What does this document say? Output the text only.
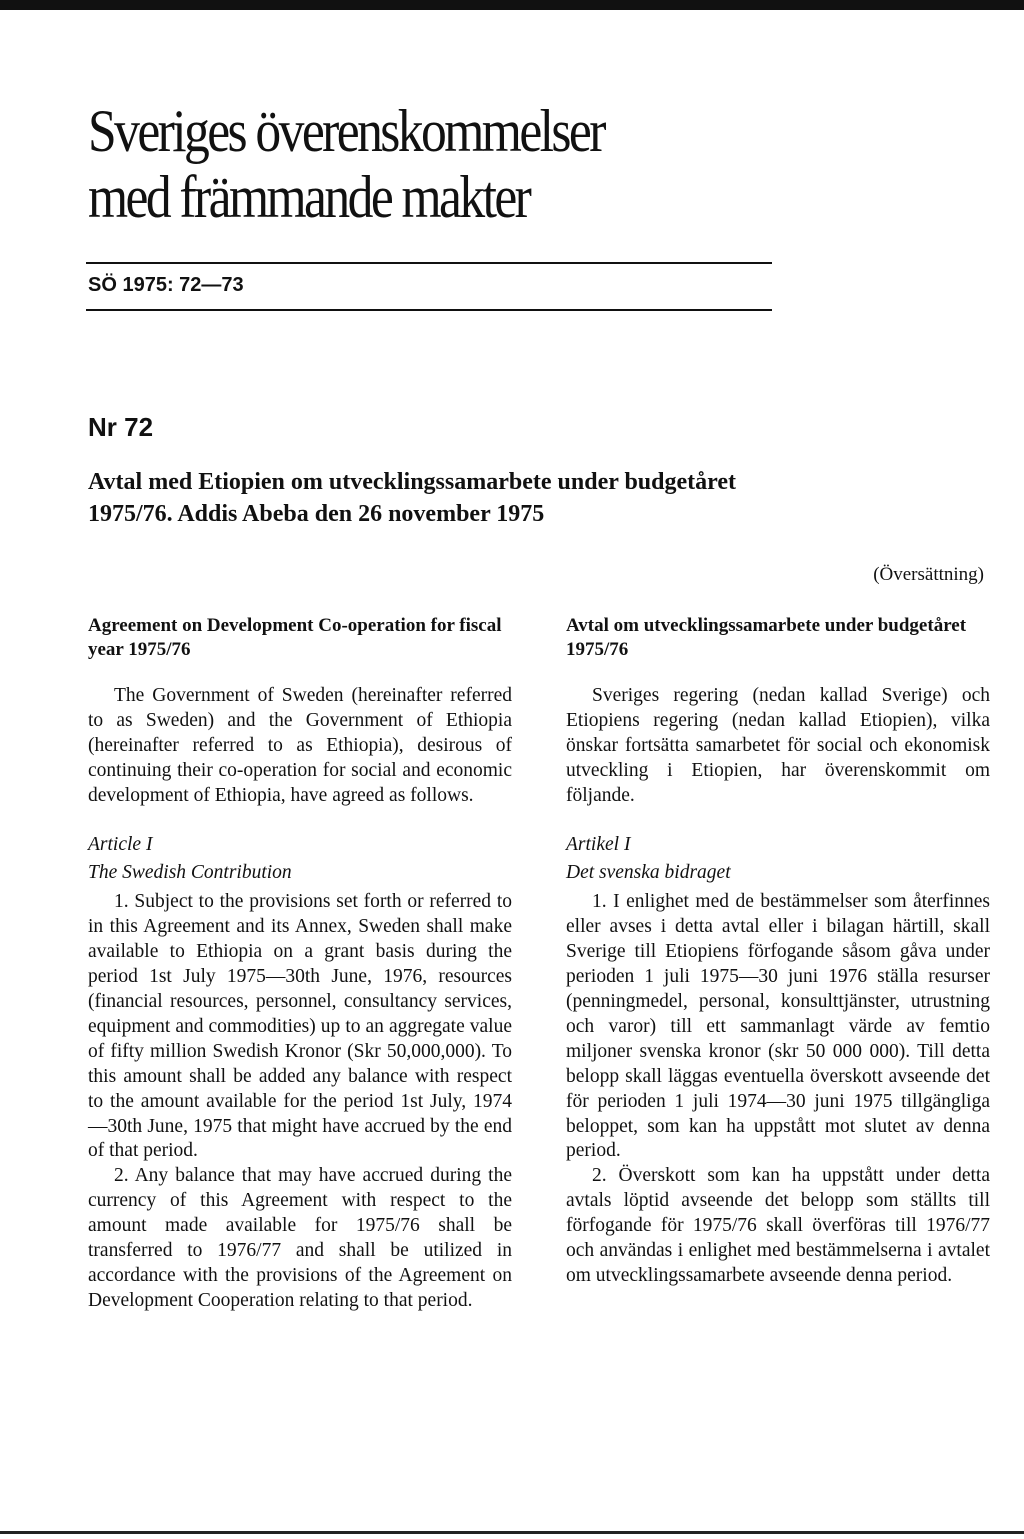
Sveriges överenskommelser
med främmande makter
SÖ 1975: 72—73
Nr 72
Avtal med Etiopien om utvecklingssamarbete under budgetåret 1975/76. Addis Abeba den 26 november 1975
(Översättning)

Agreement on Development Co-operation for fiscal year 1975/76

The Government of Sweden (hereinafter referred to as Sweden) and the Government of Ethiopia (hereinafter referred to as Ethiopia), desirous of continuing their co-operation for social and economic development of Ethiopia, have agreed as follows.

Article I

The Swedish Contribution

1. Subject to the provisions set forth or referred to in this Agreement and its Annex, Sweden shall make available to Ethiopia on a grant basis during the period 1st July 1975—30th June, 1976, resources (financial resources, personnel, consultancy services, equipment and commodities) up to an aggregate value of fifty million Swedish Kronor (Skr 50,000,000). To this amount shall be added any balance with respect to the amount available for the period 1st July, 1974—30th June, 1975 that might have accrued by the end of that period.

2. Any balance that may have accrued during the currency of this Agreement with respect to the amount made available for 1975/76 shall be transferred to 1976/77 and shall be utilized in accordance with the provisions of the Agreement on Development Cooperation relating to that period.

Avtal om utvecklingssamarbete under budgetåret 1975/76

Sveriges regering (nedan kallad Sverige) och Etiopiens regering (nedan kallad Etiopien), vilka önskar fortsätta samarbetet för social och ekonomisk utveckling i Etiopien, har överenskommit om följande.

Artikel I

Det svenska bidraget

1. I enlighet med de bestämmelser som återfinnes eller avses i detta avtal eller i bilagan härtill, skall Sverige till Etiopiens förfogande såsom gåva under perioden 1 juli 1975—30 juni 1976 ställa resurser (penningmedel, personal, konsulttjänster, utrustning och varor) till ett sammanlagt värde av femtio miljoner svenska kronor (skr 50 000 000). Till detta belopp skall läggas eventuella överskott avseende det för perioden 1 juli 1974—30 juni 1975 tillgängliga beloppet, som kan ha uppstått mot slutet av denna period.

2. Överskott som kan ha uppstått under detta avtals löptid avseende det belopp som ställts till förfogande för 1975/76 skall överföras till 1976/77 och användas i enlighet med bestämmelserna i avtalet om utvecklingssamarbete avseende denna period.
